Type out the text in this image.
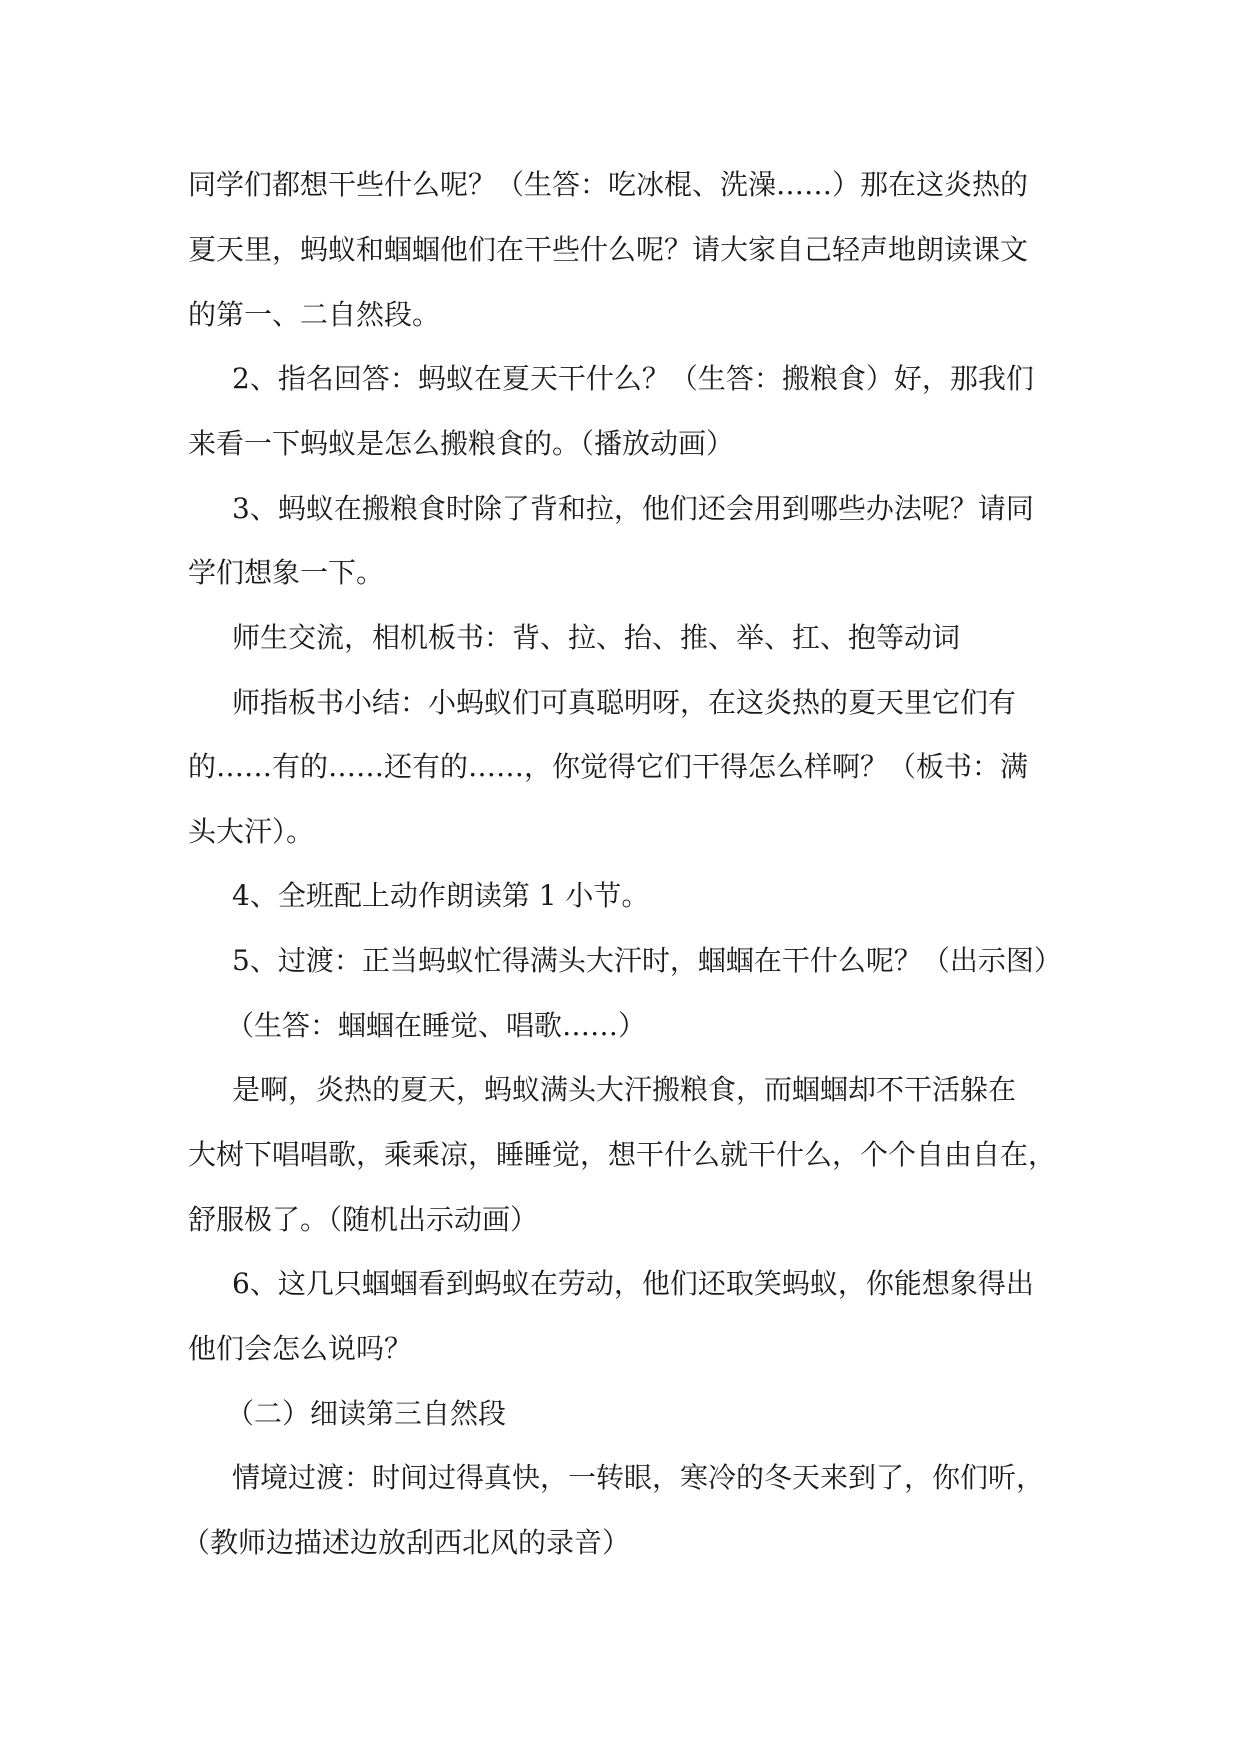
同学们都想干些什么呢？（生答：吃冰棍、洗澡……）那在这炎热的
夏天里，蚂蚁和蝈蝈他们在干些什么呢？请大家自己轻声地朗读课文
的第一、二自然段。
2、指名回答：蚂蚁在夏天干什么？（生答：搬粮食）好，那我们
来看一下蚂蚁是怎么搬粮食的。（播放动画）
3、蚂蚁在搬粮食时除了背和拉，他们还会用到哪些办法呢？请同
学们想象一下。
师生交流，相机板书：背、拉、抬、推、举、扛、抱等动词
师指板书小结：小蚂蚁们可真聪明呀，在这炎热的夏天里它们有
的……有的……还有的……，你觉得它们干得怎么样啊？（板书：满
头大汗）。
4、全班配上动作朗读第 1 小节。
5、过渡：正当蚂蚁忙得满头大汗时，蝈蝈在干什么呢？（出示图）
（生答：蝈蝈在睡觉、唱歌……）
是啊，炎热的夏天，蚂蚁满头大汗搬粮食，而蝈蝈却不干活躲在
大树下唱唱歌，乘乘凉，睡睡觉，想干什么就干什么，个个自由自在，
舒服极了。（随机出示动画）
6、这几只蝈蝈看到蚂蚁在劳动，他们还取笑蚂蚁，你能想象得出
他们会怎么说吗？
（二）细读第三自然段
情境过渡：时间过得真快，一转眼，寒冷的冬天来到了，你们听，
（教师边描述边放刮西北风的录音）
